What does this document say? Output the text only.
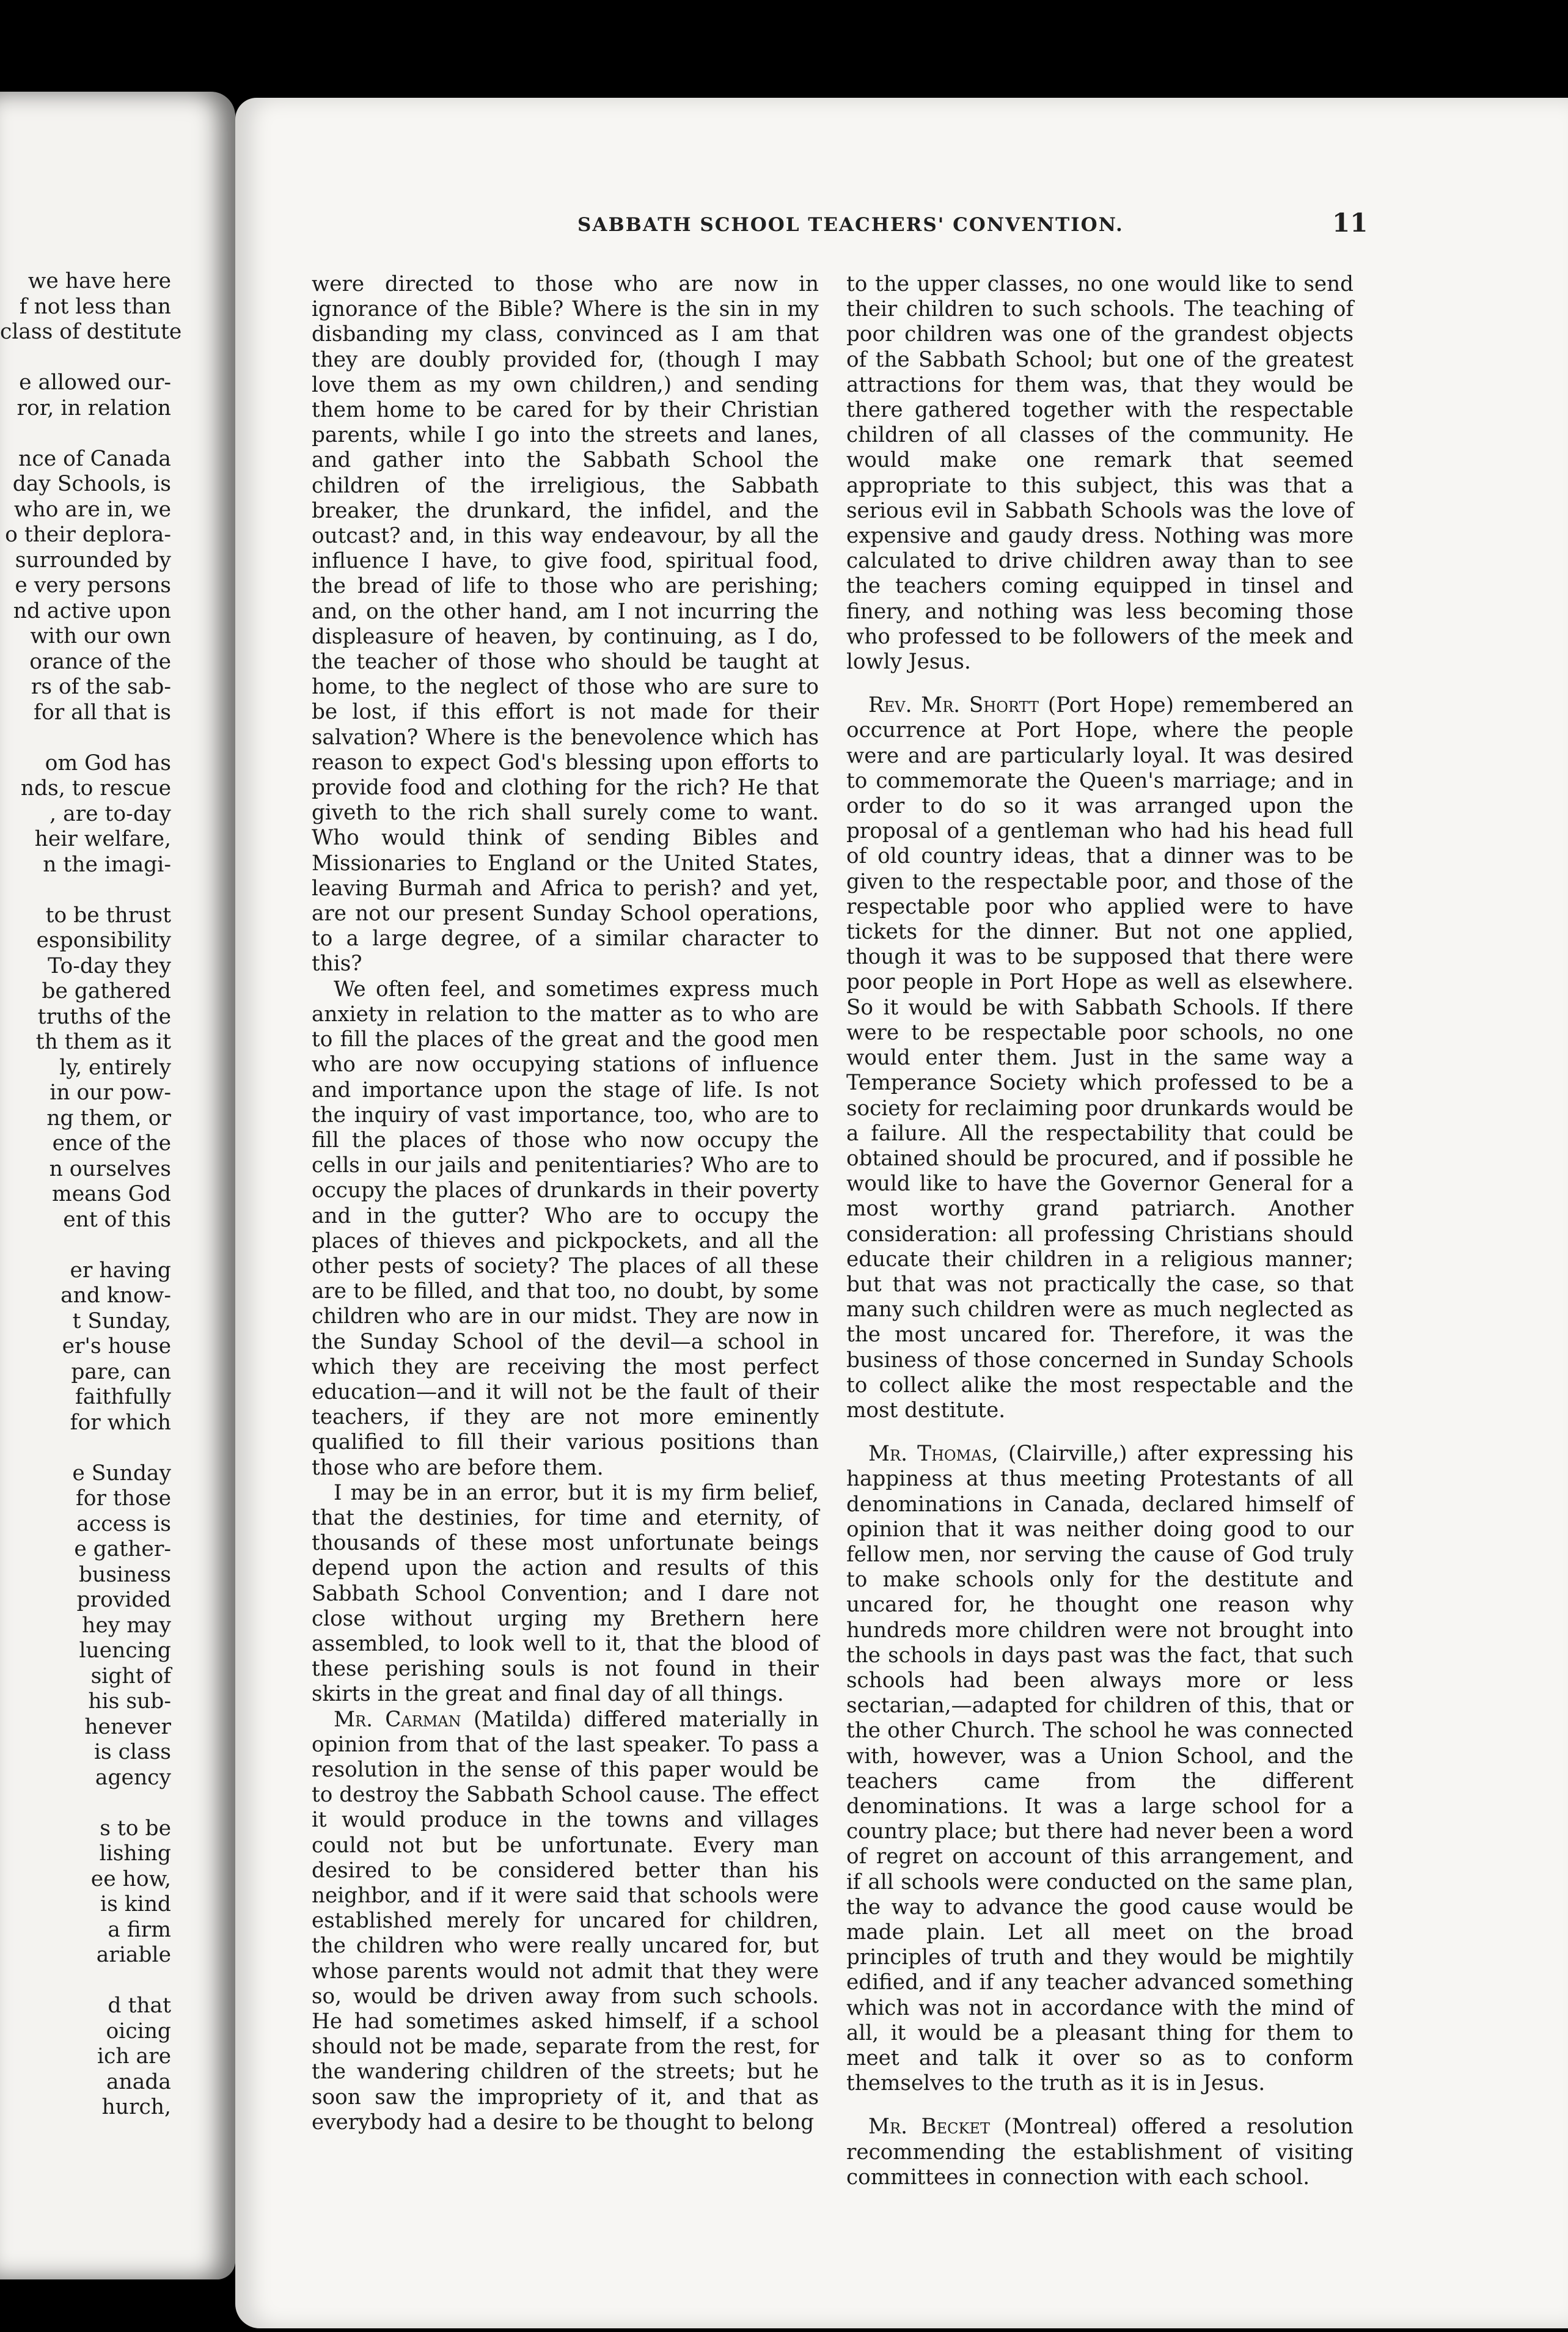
we have here
f not less than
class of destitute
e allowed our-
ror, in relation
nce of Canada
day Schools, is
who are in, we
o their deplora-
surrounded by
e very persons
nd active upon
with our own
orance of the
rs of the sab-
for all that is
om God has
nds, to rescue
, are to-day
heir welfare,
n the imagi-
to be thrust
esponsibility
To-day they
be gathered
truths of the
th them as it
ly, entirely
in our pow-
ng them, or
ence of the
n ourselves
means God
ent of this
er having
and know-
t Sunday,
er's house
pare, can
faithfully
for which
e Sunday
for those
access is
e gather-
business
provided
hey may
luencing
sight of
his sub-
henever
is class
agency
s to be
lishing
ee how,
is kind
a firm
ariable
d that
oicing
ich are
anada
hurch,
SABBATH SCHOOL TEACHERS' CONVENTION.	11

were directed to those who are now in ignorance of the Bible? Where is the sin in my disbanding my class, convinced as I am that they are doubly provided for, (though I may love them as my own children,) and sending them home to be cared for by their Christian parents, while I go into the streets and lanes, and gather into the Sabbath School the children of the irreligious, the Sabbath breaker, the drunkard, the infidel, and the outcast? and, in this way endeavour, by all the influence I have, to give food, spiritual food, the bread of life to those who are perishing; and, on the other hand, am I not incurring the displeasure of heaven, by continuing, as I do, the teacher of those who should be taught at home, to the neglect of those who are sure to be lost, if this effort is not made for their salvation? Where is the benevolence which has reason to expect God's blessing upon efforts to provide food and clothing for the rich? He that giveth to the rich shall surely come to want. Who would think of sending Bibles and Missionaries to England or the United States, leaving Burmah and Africa to perish? and yet, are not our present Sunday School operations, to a large degree, of a similar character to this?

We often feel, and sometimes express much anxiety in relation to the matter as to who are to fill the places of the great and the good men who are now occupying stations of influence and importance upon the stage of life. Is not the inquiry of vast importance, too, who are to fill the places of those who now occupy the cells in our jails and penitentiaries? Who are to occupy the places of drunkards in their poverty and in the gutter? Who are to occupy the places of thieves and pickpockets, and all the other pests of society? The places of all these are to be filled, and that too, no doubt, by some children who are in our midst. They are now in the Sunday School of the devil—a school in which they are receiving the most perfect education—and it will not be the fault of their teachers, if they are not more eminently qualified to fill their various positions than those who are before them.

I may be in an error, but it is my firm belief, that the destinies, for time and eternity, of thousands of these most unfortunate beings depend upon the action and results of this Sabbath School Convention; and I dare not close without urging my Brethern here assembled, to look well to it, that the blood of these perishing souls is not found in their skirts in the great and final day of all things.

Mr. Carman (Matilda) differed materially in opinion from that of the last speaker. To pass a resolution in the sense of this paper would be to destroy the Sabbath School cause. The effect it would produce in the towns and villages could not but be unfortunate. Every man desired to be considered better than his neighbor, and if it were said that schools were established merely for uncared for children, the children who were really uncared for, but whose parents would not admit that they were so, would be driven away from such schools. He had sometimes asked himself, if a school should not be made, separate from the rest, for the wandering children of the streets; but he soon saw the impropriety of it, and that as everybody had a desire to be thought to belong

to the upper classes, no one would like to send their children to such schools. The teaching of poor children was one of the grandest objects of the Sabbath School; but one of the greatest attractions for them was, that they would be there gathered together with the respectable children of all classes of the community. He would make one remark that seemed appropriate to this subject, this was that a serious evil in Sabbath Schools was the love of expensive and gaudy dress. Nothing was more calculated to drive children away than to see the teachers coming equipped in tinsel and finery, and nothing was less becoming those who professed to be followers of the meek and lowly Jesus.

Rev. Mr. Shortt (Port Hope) remembered an occurrence at Port Hope, where the people were and are particularly loyal. It was desired to commemorate the Queen's marriage; and in order to do so it was arranged upon the proposal of a gentleman who had his head full of old country ideas, that a dinner was to be given to the respectable poor, and those of the respectable poor who applied were to have tickets for the dinner. But not one applied, though it was to be supposed that there were poor people in Port Hope as well as elsewhere. So it would be with Sabbath Schools. If there were to be respectable poor schools, no one would enter them. Just in the same way a Temperance Society which professed to be a society for reclaiming poor drunkards would be a failure. All the respectability that could be obtained should be procured, and if possible he would like to have the Governor General for a most worthy grand patriarch. Another consideration: all professing Christians should educate their children in a religious manner; but that was not practically the case, so that many such children were as much neglected as the most uncared for. Therefore, it was the business of those concerned in Sunday Schools to collect alike the most respectable and the most destitute.

Mr. Thomas, (Clairville,) after expressing his happiness at thus meeting Protestants of all denominations in Canada, declared himself of opinion that it was neither doing good to our fellow men, nor serving the cause of God truly to make schools only for the destitute and uncared for, he thought one reason why hundreds more children were not brought into the schools in days past was the fact, that such schools had been always more or less sectarian,—adapted for children of this, that or the other Church. The school he was connected with, however, was a Union School, and the teachers came from the different denominations. It was a large school for a country place; but there had never been a word of regret on account of this arrangement, and if all schools were conducted on the same plan, the way to advance the good cause would be made plain. Let all meet on the broad principles of truth and they would be mightily edified, and if any teacher advanced something which was not in accordance with the mind of all, it would be a pleasant thing for them to meet and talk it over so as to conform themselves to the truth as it is in Jesus.

Mr. Becket (Montreal) offered a resolution recommending the establishment of visiting committees in connection with each school.
